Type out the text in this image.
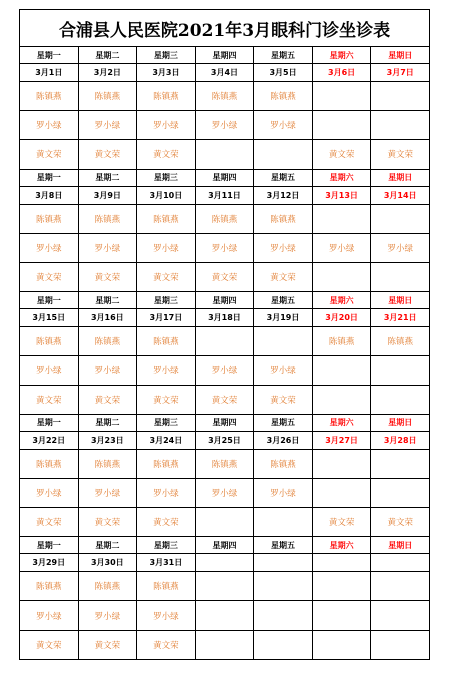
合浦县人民医院2021年3月眼科门诊坐诊表						
星期一	星期二	星期三	星期四	星期五	星期六	星期日
3月1日	3月2日	3月3日	3月4日	3月5日	3月6日	3月7日
陈镇燕	陈镇燕	陈镇燕	陈镇燕	陈镇燕		
罗小绿	罗小绿	罗小绿	罗小绿	罗小绿		
黄文荣	黄文荣	黄文荣			黄文荣	黄文荣
星期一	星期二	星期三	星期四	星期五	星期六	星期日
3月8日	3月9日	3月10日	3月11日	3月12日	3月13日	3月14日
陈镇燕	陈镇燕	陈镇燕	陈镇燕	陈镇燕		
罗小绿	罗小绿	罗小绿	罗小绿	罗小绿	罗小绿	罗小绿
黄文荣	黄文荣	黄文荣	黄文荣	黄文荣		
星期一	星期二	星期三	星期四	星期五	星期六	星期日
3月15日	3月16日	3月17日	3月18日	3月19日	3月20日	3月21日
陈镇燕	陈镇燕	陈镇燕			陈镇燕	陈镇燕
罗小绿	罗小绿	罗小绿	罗小绿	罗小绿		
黄文荣	黄文荣	黄文荣	黄文荣	黄文荣		
星期一	星期二	星期三	星期四	星期五	星期六	星期日
3月22日	3月23日	3月24日	3月25日	3月26日	3月27日	3月28日
陈镇燕	陈镇燕	陈镇燕	陈镇燕	陈镇燕		
罗小绿	罗小绿	罗小绿	罗小绿	罗小绿		
黄文荣	黄文荣	黄文荣			黄文荣	黄文荣
星期一	星期二	星期三	星期四	星期五	星期六	星期日
3月29日	3月30日	3月31日				
陈镇燕	陈镇燕	陈镇燕				
罗小绿	罗小绿	罗小绿				
黄文荣	黄文荣	黄文荣				
